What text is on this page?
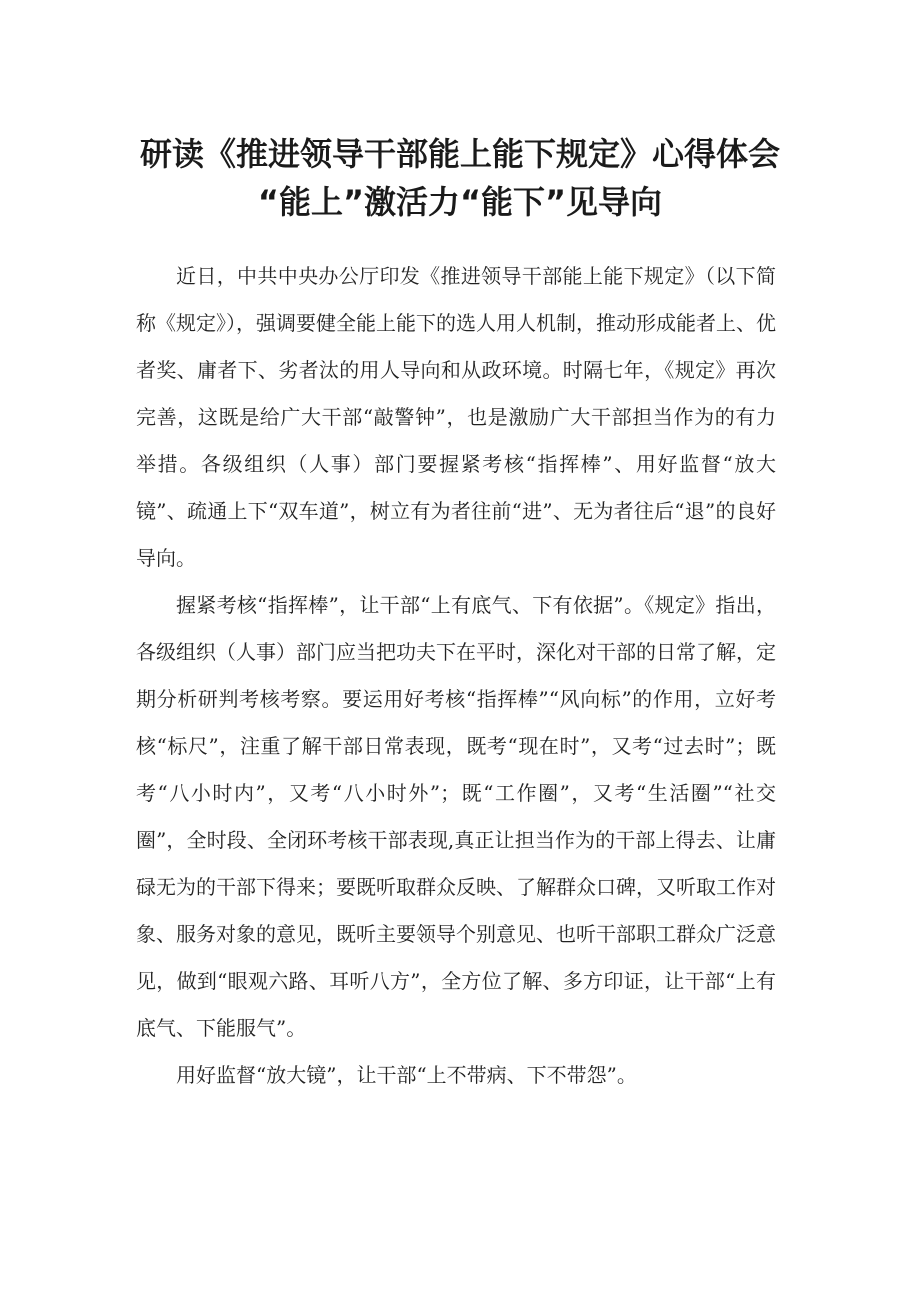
研读《推进领导干部能上能下规定》心得体会
“能上”激活力“能下”见导向

近日，中共中央办公厅印发《推进领导干部能上能下规定》（以下简称《规定》），强调要健全能上能下的选人用人机制，推动形成能者上、优者奖、庸者下、劣者汰的用人导向和从政环境。时隔七年，《规定》再次完善，这既是给广大干部“敲警钟”，也是激励广大干部担当作为的有力举措。各级组织（人事）部门要握紧考核“指挥棒”、用好监督“放大镜”、疏通上下“双车道”，树立有为者往前“进”、无为者往后“退”的良好导向。

握紧考核“指挥棒”，让干部“上有底气、下有依据”。《规定》指出，各级组织（人事）部门应当把功夫下在平时，深化对干部的日常了解，定期分析研判考核考察。要运用好考核“指挥棒”“风向标”的作用，立好考核“标尺”，注重了解干部日常表现，既考“现在时”，又考“过去时”；既考“八小时内”，又考“八小时外”；既“工作圈”，又考“生活圈”“社交圈”，全时段、全闭环考核干部表现,真正让担当作为的干部上得去、让庸碌无为的干部下得来；要既听取群众反映、了解群众口碑，又听取工作对象、服务对象的意见，既听主要领导个别意见、也听干部职工群众广泛意见，做到“眼观六路、耳听八方”，全方位了解、多方印证，让干部“上有底气、下能服气”。

用好监督“放大镜”，让干部“上不带病、下不带怨”。
